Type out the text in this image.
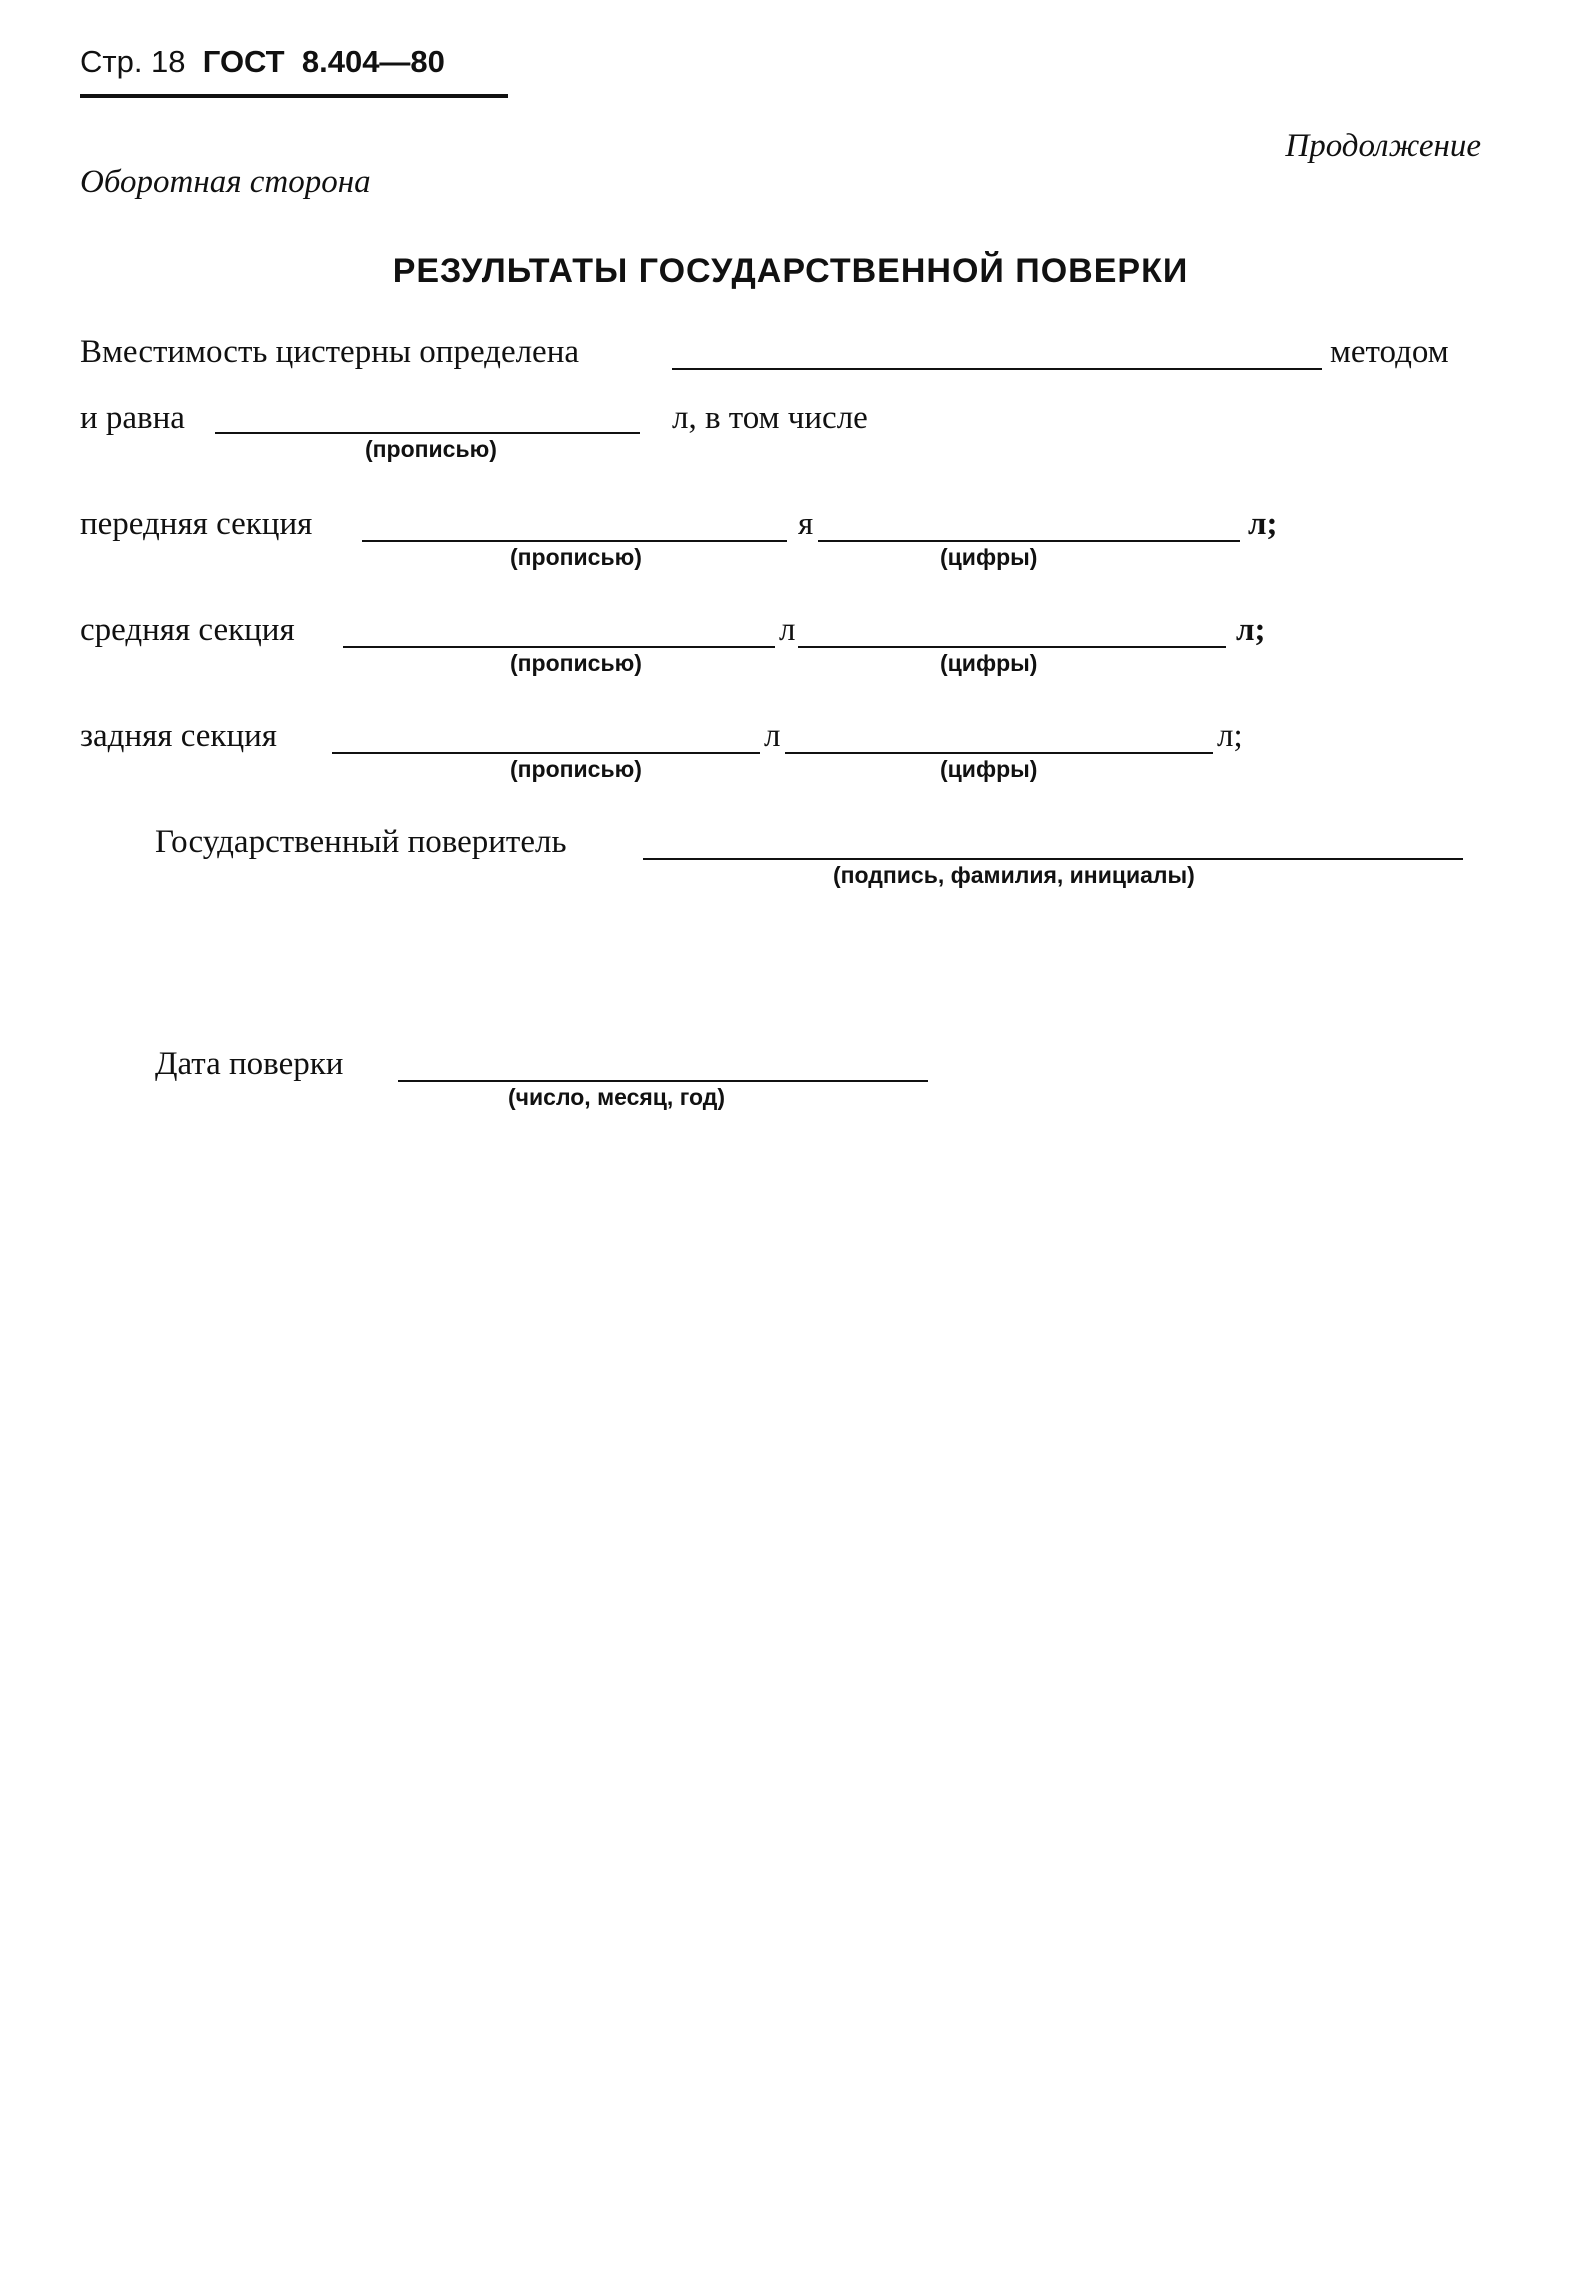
Стр. 18 ГОСТ 8.404—80
Продолжение
Оборотная сторона
РЕЗУЛЬТАТЫ ГОСУДАРСТВЕННОЙ ПОВЕРКИ
Вместимость цистерны определена	методом
и равна	л, в том числе
(прописью)
передняя секция	я	л;
(прописью)	(цифры)
средняя секция	л	л;
(прописью)	(цифры)
задняя секция	л	л;
(прописью)	(цифры)
Государственный поверитель
(подпись, фамилия, инициалы)
Дата поверки
(число, месяц, год)
